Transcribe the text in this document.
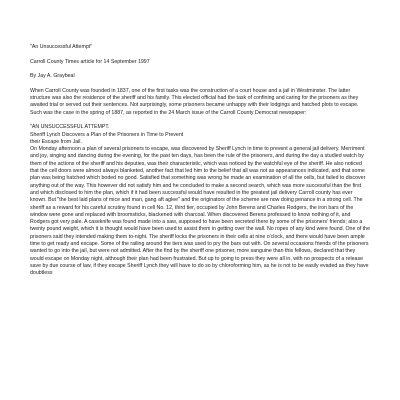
"An Unsuccessful Attempt"

Carroll County Times article for 14 September 1997

By Jay A. Graybeal

When Carroll County was founded in 1837, one of the first tasks was the construction of a court house and a jail in Westminster. The latter structure was also the residence of the sheriff and his family. This elected official had the task of confining and caring for the prisoners as they awaited trial or served out their sentences. Not surprisingly, some prisoners became unhappy with their lodgings and hatched plots to escape. Such was the case in the spring of 1887, as reported in the 24 March issue of the Carroll County Democrat newspaper:

"AN UNSUCCESSFUL ATTEMPT.

Sheriff Lynch Discovers a Plan of the Prisoners in Time to Prevent

their Escape from Jail.

On Monday afternoon a plan of several prisoners to escape, was discovered by Sheriff Lynch in time to prevent a general jail delivery. Merriment and joy, singing and dancing during the evening, for the past ten days, has been the rule of the prisoners, and during the day a studied watch by them of the actions of the sheriff and his deputies, was their characteristic, which was noticed by the watchful eye of the sheriff. He also noticed that the cell doors were almost always blanketed, another fact that led him to the belief that all was not as appearances indicated, and that some plan was being hatched which boded no good. Satisfied that something was wrong he made an examination of all the cells, but failed to discover anything out of the way. This however did not satisfy him and he concluded to make a second search, which was more successful than the first and which disclosed to him the plan, which if it had been successful would have resulted in the greatest jail delivery Carroll county has ever known. But "the best laid plans of mice and man, gang aft aglee" and the originators of the scheme are now doing penance in a strong cell. The sheriff as a reward for his careful scrutiny found in cell No. 12, third tier, occupied by John Berens and Charles Rodgers, the iron bars of the window were gone and replaced with broomsticks, blackened with charcoal. When discovered Berens professed to know nothing of it, and Rodgers got very pale. A caseknife was found made into a saw, supposed to have been secreted there by some of the prisoners' friends; also a twenty pound weight, which it is thought would have been used to assist them in getting over the wall. No ropes of any kind were found. One of the prisoners said they intended making them to-night. The sheriff locks the prisoners in their cells at nine o'clock, and there would have been ample time to get ready and escape. Some of the railing around the tiers was used to pry the bars out with. On several occasions friends of the prisoners wanted to go into the jail, but were not admitted. After the find by the sheriff one prisoner, more sanguine than this fellows, declared that they would escape on Monday night, although their plan had been frustrated. But up to going to press they were all in, with no prospects of a release save by due course of law, if they escape Sheriff Lynch they will have to do so by chloroforming him, as he is not to be easily evaded as they have doubtless
